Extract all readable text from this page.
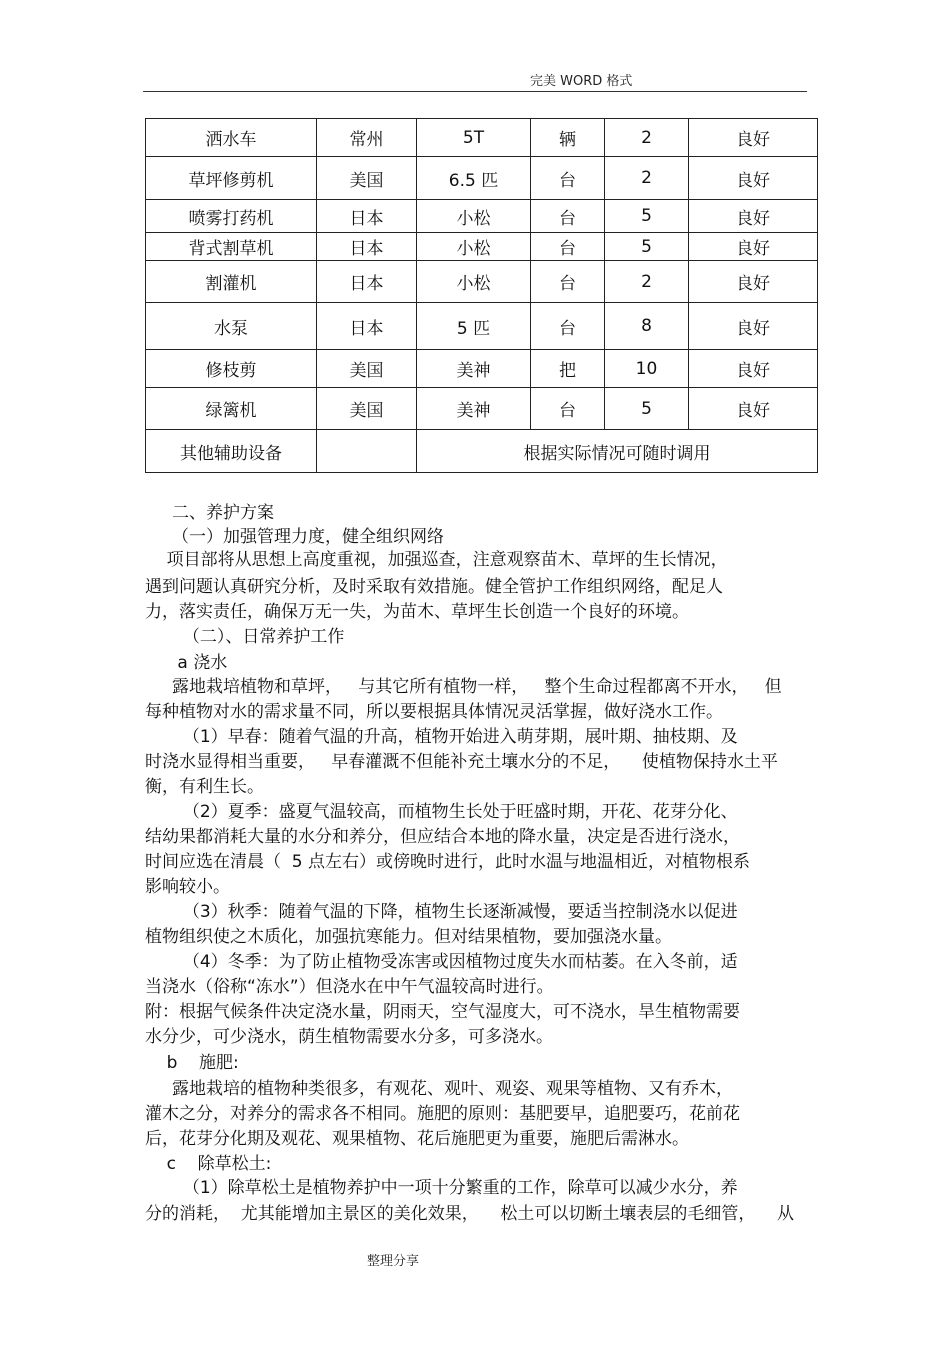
完美 WORD 格式
洒水车	常州	5T	辆	2	良好
草坪修剪机	美国	6.5 匹	台	2	良好
喷雾打药机	日本	小松	台	5	良好
背式割草机	日本	小松	台	5	良好
割灌机	日本	小松	台	2	良好
水泵	日本	5 匹	台	8	良好
修枝剪	美国	美神	把	10	良好
绿篱机	美国	美神	台	5	良好
其他辅助设备		根据实际情况可随时调用			
二、养护方案
（一）加强管理力度，健全组织网络
项目部将从思想上高度重视，加强巡查，注意观察苗木、草坪的生长情况，
遇到问题认真研究分析，及时采取有效措施。健全管护工作组织网络，配足人
力，落实责任，确保万无一失，为苗木、草坪生长创造一个良好的环境。
（二）、日常养护工作
a 浇水
露地栽培植物和草坪，   与其它所有植物一样，   整个生命过程都离不开水，   但
每种植物对水的需求量不同，所以要根据具体情况灵活掌握，做好浇水工作。
（1）早春：随着气温的升高，植物开始进入萌芽期，展叶期、抽枝期、及
时浇水显得相当重要，   早春灌溉不但能补充土壤水分的不足，    使植物保持水土平
衡，有利生长。
（2）夏季：盛夏气温较高，而植物生长处于旺盛时期，开花、花芽分化、
结幼果都消耗大量的水分和养分，但应结合本地的降水量，决定是否进行浇水，
时间应选在清晨（  5 点左右）或傍晚时进行，此时水温与地温相近，对植物根系
影响较小。
（3）秋季：随着气温的下降，植物生长逐渐减慢，要适当控制浇水以促进
植物组织使之木质化，加强抗寒能力。但对结果植物，要加强浇水量。
（4）冬季：为了防止植物受冻害或因植物过度失水而枯萎。在入冬前，适
当浇水（俗称“冻水”）但浇水在中午气温较高时进行。
附：根据气候条件决定浇水量，阴雨天，空气湿度大，可不浇水，旱生植物需要
水分少，可少浇水，荫生植物需要水分多，可多浇水。
b    施肥:
露地栽培的植物种类很多，有观花、观叶、观姿、观果等植物、又有乔木，
灌木之分，对养分的需求各不相同。施肥的原则：基肥要早，追肥要巧，花前花
后，花芽分化期及观花、观果植物、花后施肥更为重要，施肥后需淋水。
c    除草松土:
（1）除草松土是植物养护中一项十分繁重的工作，除草可以减少水分，养
分的消耗，  尤其能增加主景区的美化效果，    松土可以切断土壤表层的毛细管，    从
整理分享
